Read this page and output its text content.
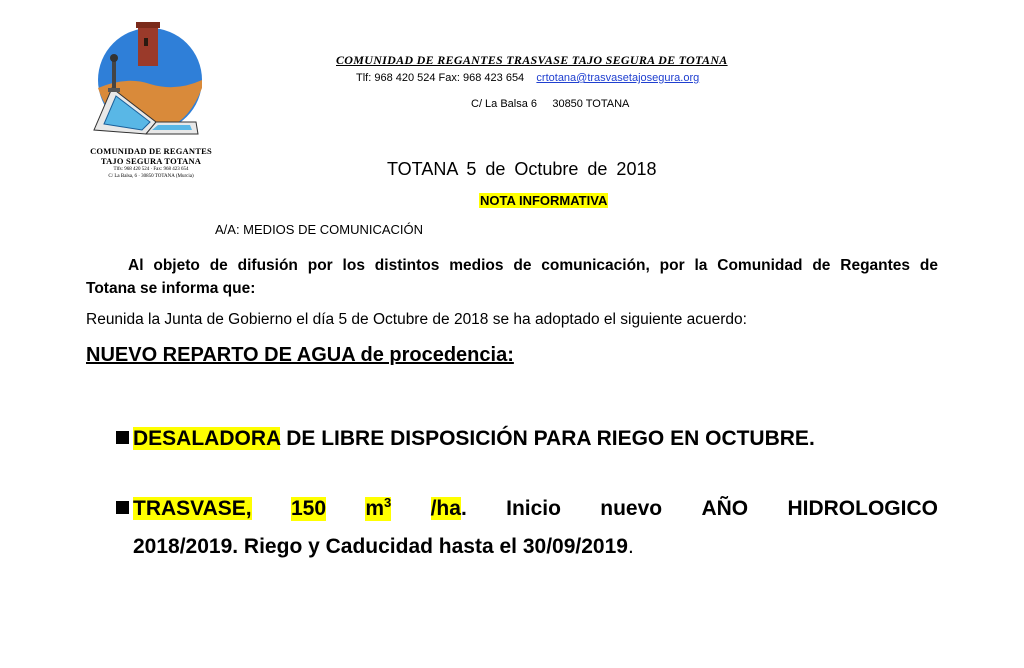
COMUNIDAD DE REGANTES
TAJO SEGURA TOTANA
Tlfs: 968 420 524 · Fax: 968 423 654
C/ La Balsa, 6 · 30850 TOTANA (Murcia)
COMUNIDAD DE REGANTES TRASVASE TAJO SEGURA DE TOTANA
Tlf: 968 420 524 Fax: 968 423 654 crtotana@trasvasetajosegura.org
C/ La Balsa 6 30850 TOTANA
TOTANA 5 de Octubre de 2018
NOTA INFORMATIVA
A/A: MEDIOS DE COMUNICACIÓN
Al objeto de difusión por los distintos medios de comunicación, por la Comunidad de Regantes de
Totana se informa que:
Reunida la Junta de Gobierno el día 5 de Octubre de 2018 se ha adoptado el siguiente acuerdo:
NUEVO REPARTO DE AGUA de procedencia:
DESALADORA DE LIBRE DISPOSICIÓN PARA RIEGO EN OCTUBRE.
TRASVASE, 150 $m^3$ /ha. Inicio nuevo AÑO HIDROLOGICO
2018/2019. Riego y Caducidad hasta el 30/09/2019.
